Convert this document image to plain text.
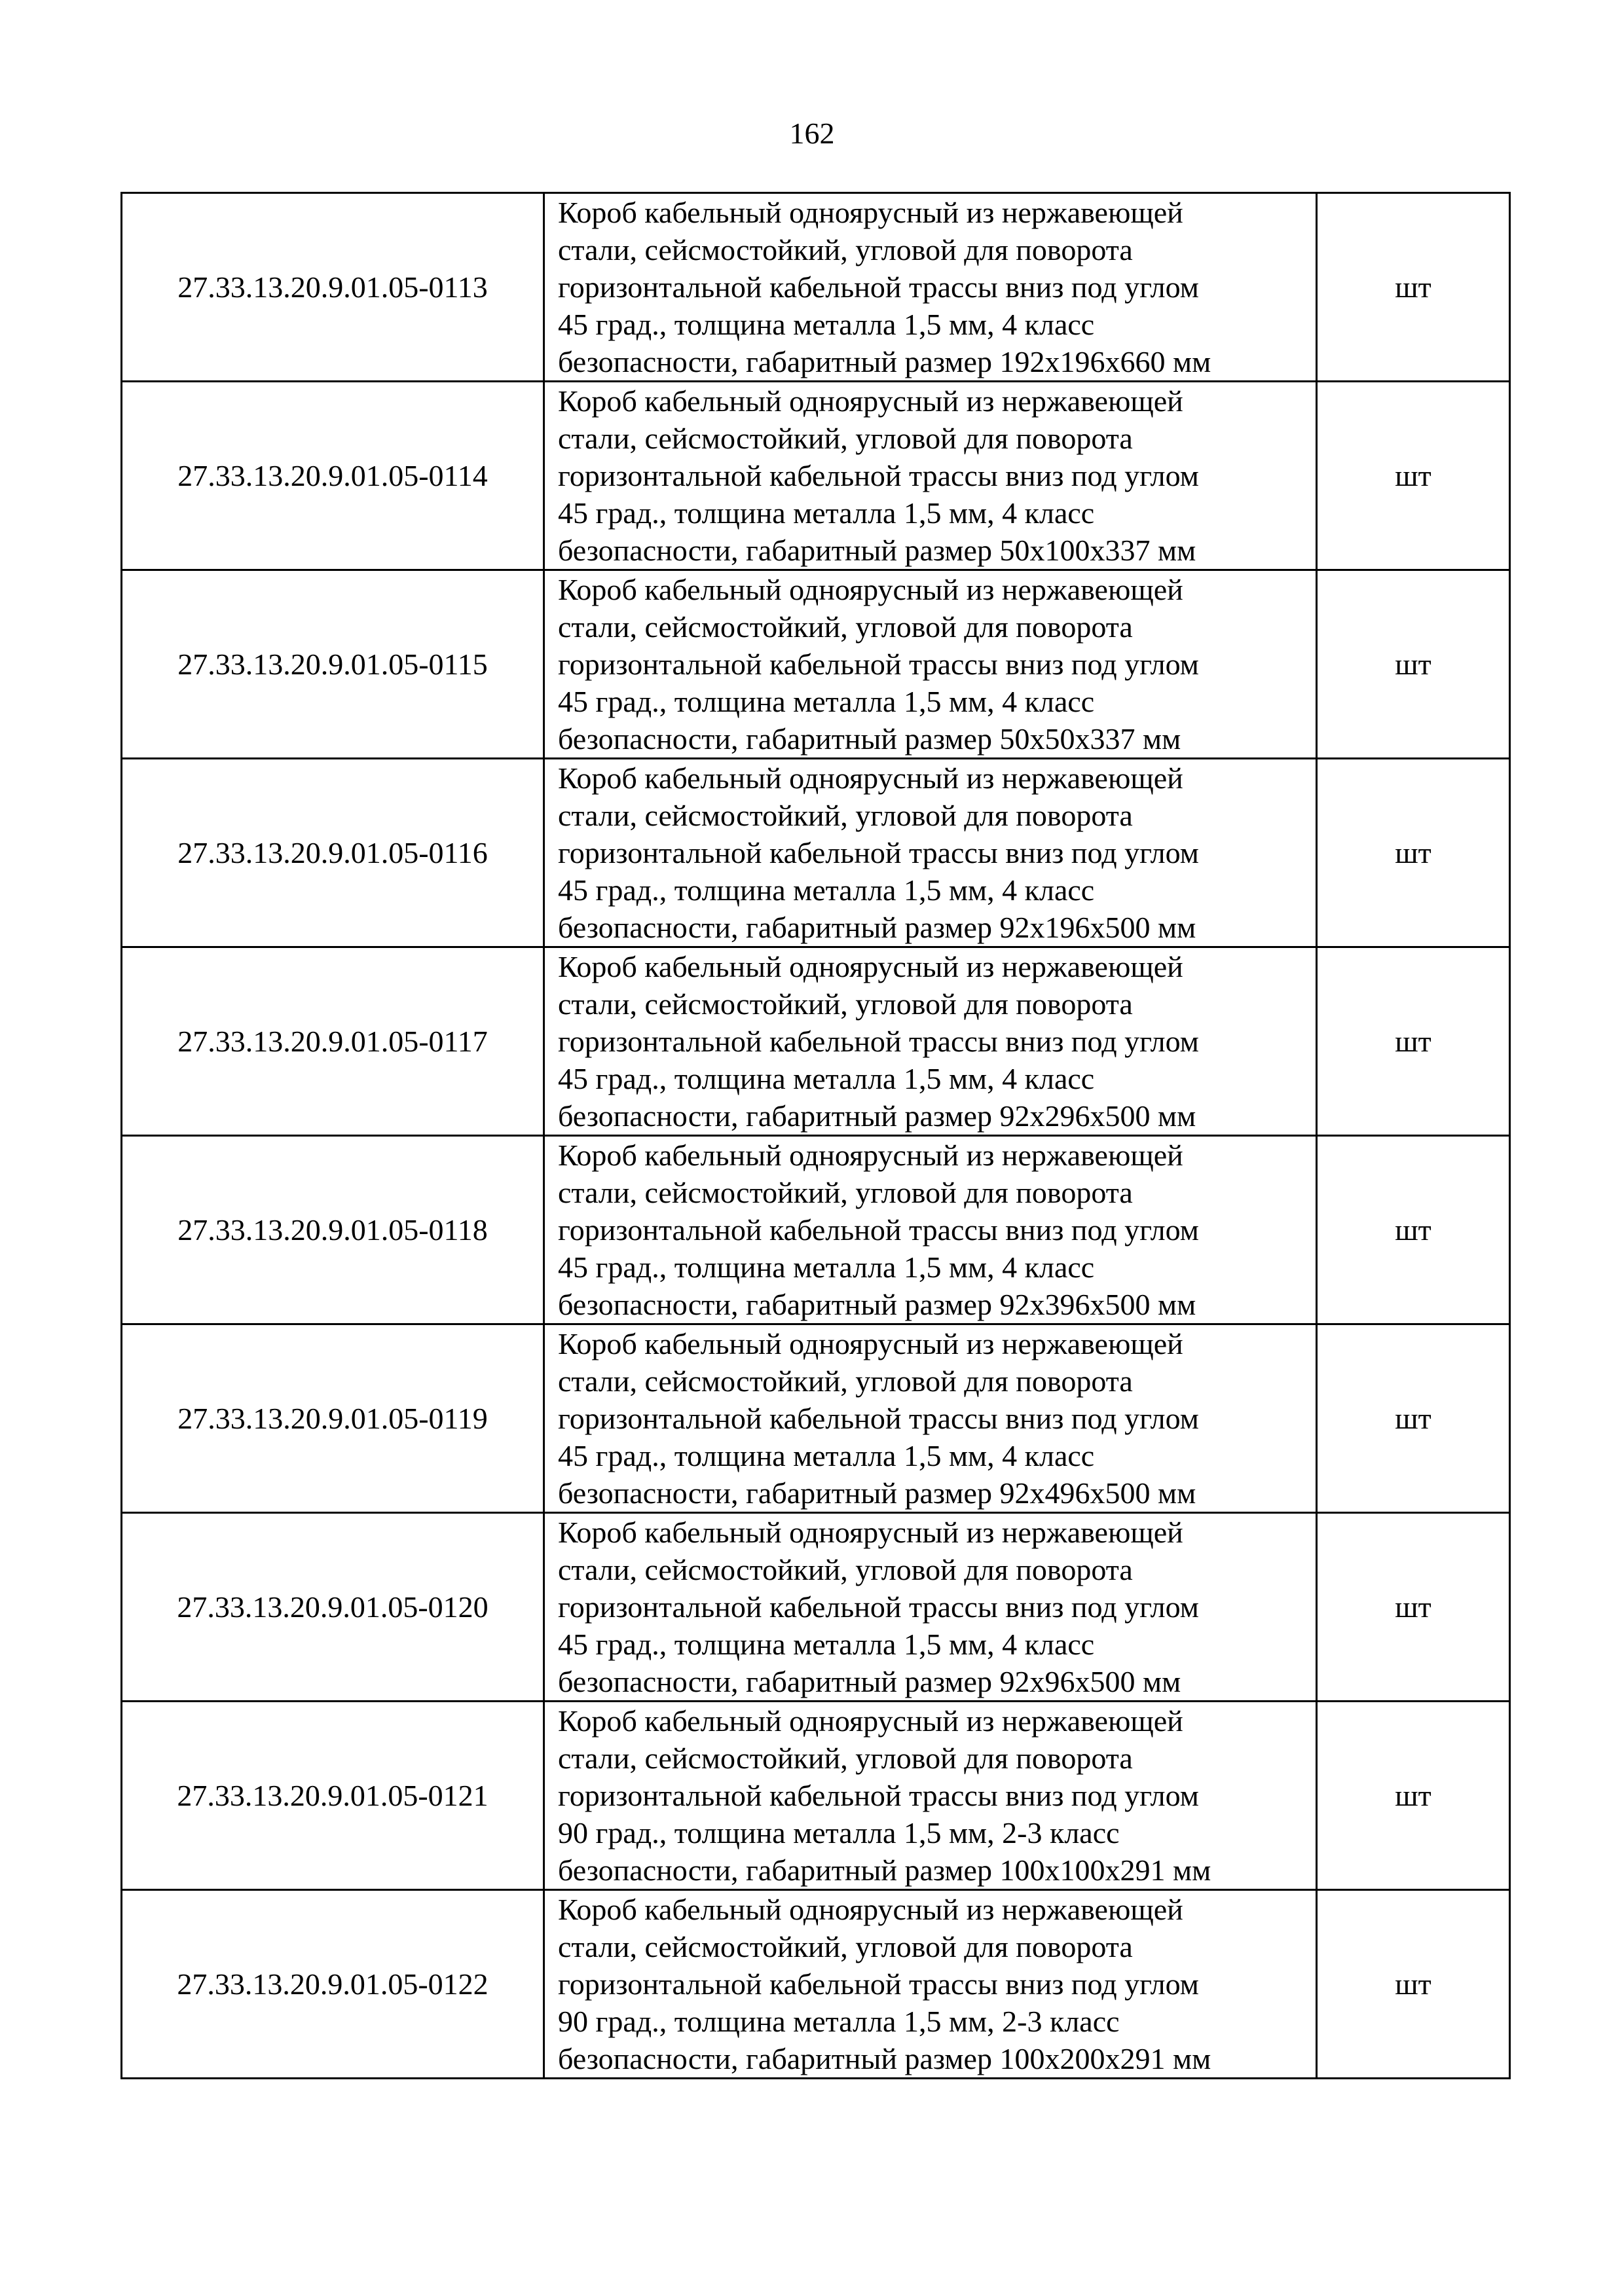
162
27.33.13.20.9.01.05-0113	Короб кабельный одноярусный из нержавеющей
стали, сейсмостойкий, угловой для поворота
горизонтальной кабельной трассы вниз под углом
45 град., толщина металла 1,5 мм, 4 класс
безопасности, габаритный размер 192х196х660 мм	шт
27.33.13.20.9.01.05-0114	Короб кабельный одноярусный из нержавеющей
стали, сейсмостойкий, угловой для поворота
горизонтальной кабельной трассы вниз под углом
45 град., толщина металла 1,5 мм, 4 класс
безопасности, габаритный размер 50х100х337 мм	шт
27.33.13.20.9.01.05-0115	Короб кабельный одноярусный из нержавеющей
стали, сейсмостойкий, угловой для поворота
горизонтальной кабельной трассы вниз под углом
45 град., толщина металла 1,5 мм, 4 класс
безопасности, габаритный размер 50х50х337 мм	шт
27.33.13.20.9.01.05-0116	Короб кабельный одноярусный из нержавеющей
стали, сейсмостойкий, угловой для поворота
горизонтальной кабельной трассы вниз под углом
45 град., толщина металла 1,5 мм, 4 класс
безопасности, габаритный размер 92х196х500 мм	шт
27.33.13.20.9.01.05-0117	Короб кабельный одноярусный из нержавеющей
стали, сейсмостойкий, угловой для поворота
горизонтальной кабельной трассы вниз под углом
45 град., толщина металла 1,5 мм, 4 класс
безопасности, габаритный размер 92х296х500 мм	шт
27.33.13.20.9.01.05-0118	Короб кабельный одноярусный из нержавеющей
стали, сейсмостойкий, угловой для поворота
горизонтальной кабельной трассы вниз под углом
45 град., толщина металла 1,5 мм, 4 класс
безопасности, габаритный размер 92х396х500 мм	шт
27.33.13.20.9.01.05-0119	Короб кабельный одноярусный из нержавеющей
стали, сейсмостойкий, угловой для поворота
горизонтальной кабельной трассы вниз под углом
45 град., толщина металла 1,5 мм, 4 класс
безопасности, габаритный размер 92х496х500 мм	шт
27.33.13.20.9.01.05-0120	Короб кабельный одноярусный из нержавеющей
стали, сейсмостойкий, угловой для поворота
горизонтальной кабельной трассы вниз под углом
45 град., толщина металла 1,5 мм, 4 класс
безопасности, габаритный размер 92х96х500 мм	шт
27.33.13.20.9.01.05-0121	Короб кабельный одноярусный из нержавеющей
стали, сейсмостойкий, угловой для поворота
горизонтальной кабельной трассы вниз под углом
90 град., толщина металла 1,5 мм, 2-3 класс
безопасности, габаритный размер 100х100х291 мм	шт
27.33.13.20.9.01.05-0122	Короб кабельный одноярусный из нержавеющей
стали, сейсмостойкий, угловой для поворота
горизонтальной кабельной трассы вниз под углом
90 град., толщина металла 1,5 мм, 2-3 класс
безопасности, габаритный размер 100х200х291 мм	шт
